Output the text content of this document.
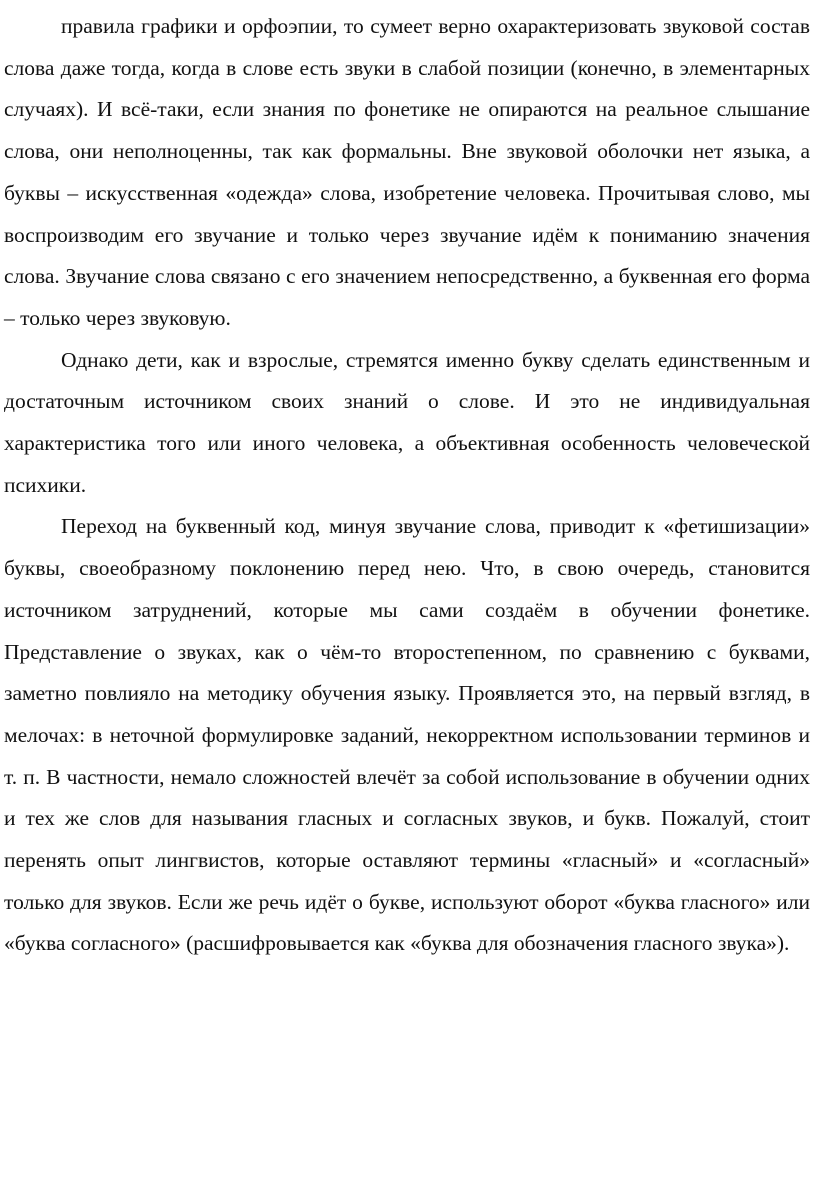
правила графики и орфоэпии, то сумеет верно охарактеризовать звуковой состав слова даже тогда, когда в слове есть звуки в слабой позиции (конечно, в элементарных случаях). И всё-таки, если знания по фонетике не опираются на реальное слышание слова, они неполноценны, так как формальны. Вне звуковой оболочки нет языка, а буквы – искусственная «одежда» слова, изобретение человека. Прочитывая слово, мы воспроизводим его звучание и только через звучание идём к пониманию значения слова. Звучание слова связано с его значением непосредственно, а буквенная его форма – только через звуковую.

Однако дети, как и взрослые, стремятся именно букву сделать единственным и достаточным источником своих знаний о слове. И это не индивидуальная характеристика того или иного человека, а объективная особенность человеческой психики.

Переход на буквенный код, минуя звучание слова, приводит к «фетишизации» буквы, своеобразному поклонению перед нею. Что, в свою очередь, становится источником затруднений, которые мы сами создаём в обучении фонетике. Представление о звуках, как о чём-то второстепенном, по сравнению с буквами, заметно повлияло на методику обучения языку. Проявляется это, на первый взгляд, в мелочах: в неточной формулировке заданий, некорректном использовании терминов и т. п. В частности, немало сложностей влечёт за собой использование в обучении одних и тех же слов для называния гласных и согласных звуков, и букв. Пожалуй, стоит перенять опыт лингвистов, которые оставляют термины «гласный» и «согласный» только для звуков. Если же речь идёт о букве, используют оборот «буква гласного» или «буква согласного» (расшифровывается как «буква для обозначения гласного звука»).
